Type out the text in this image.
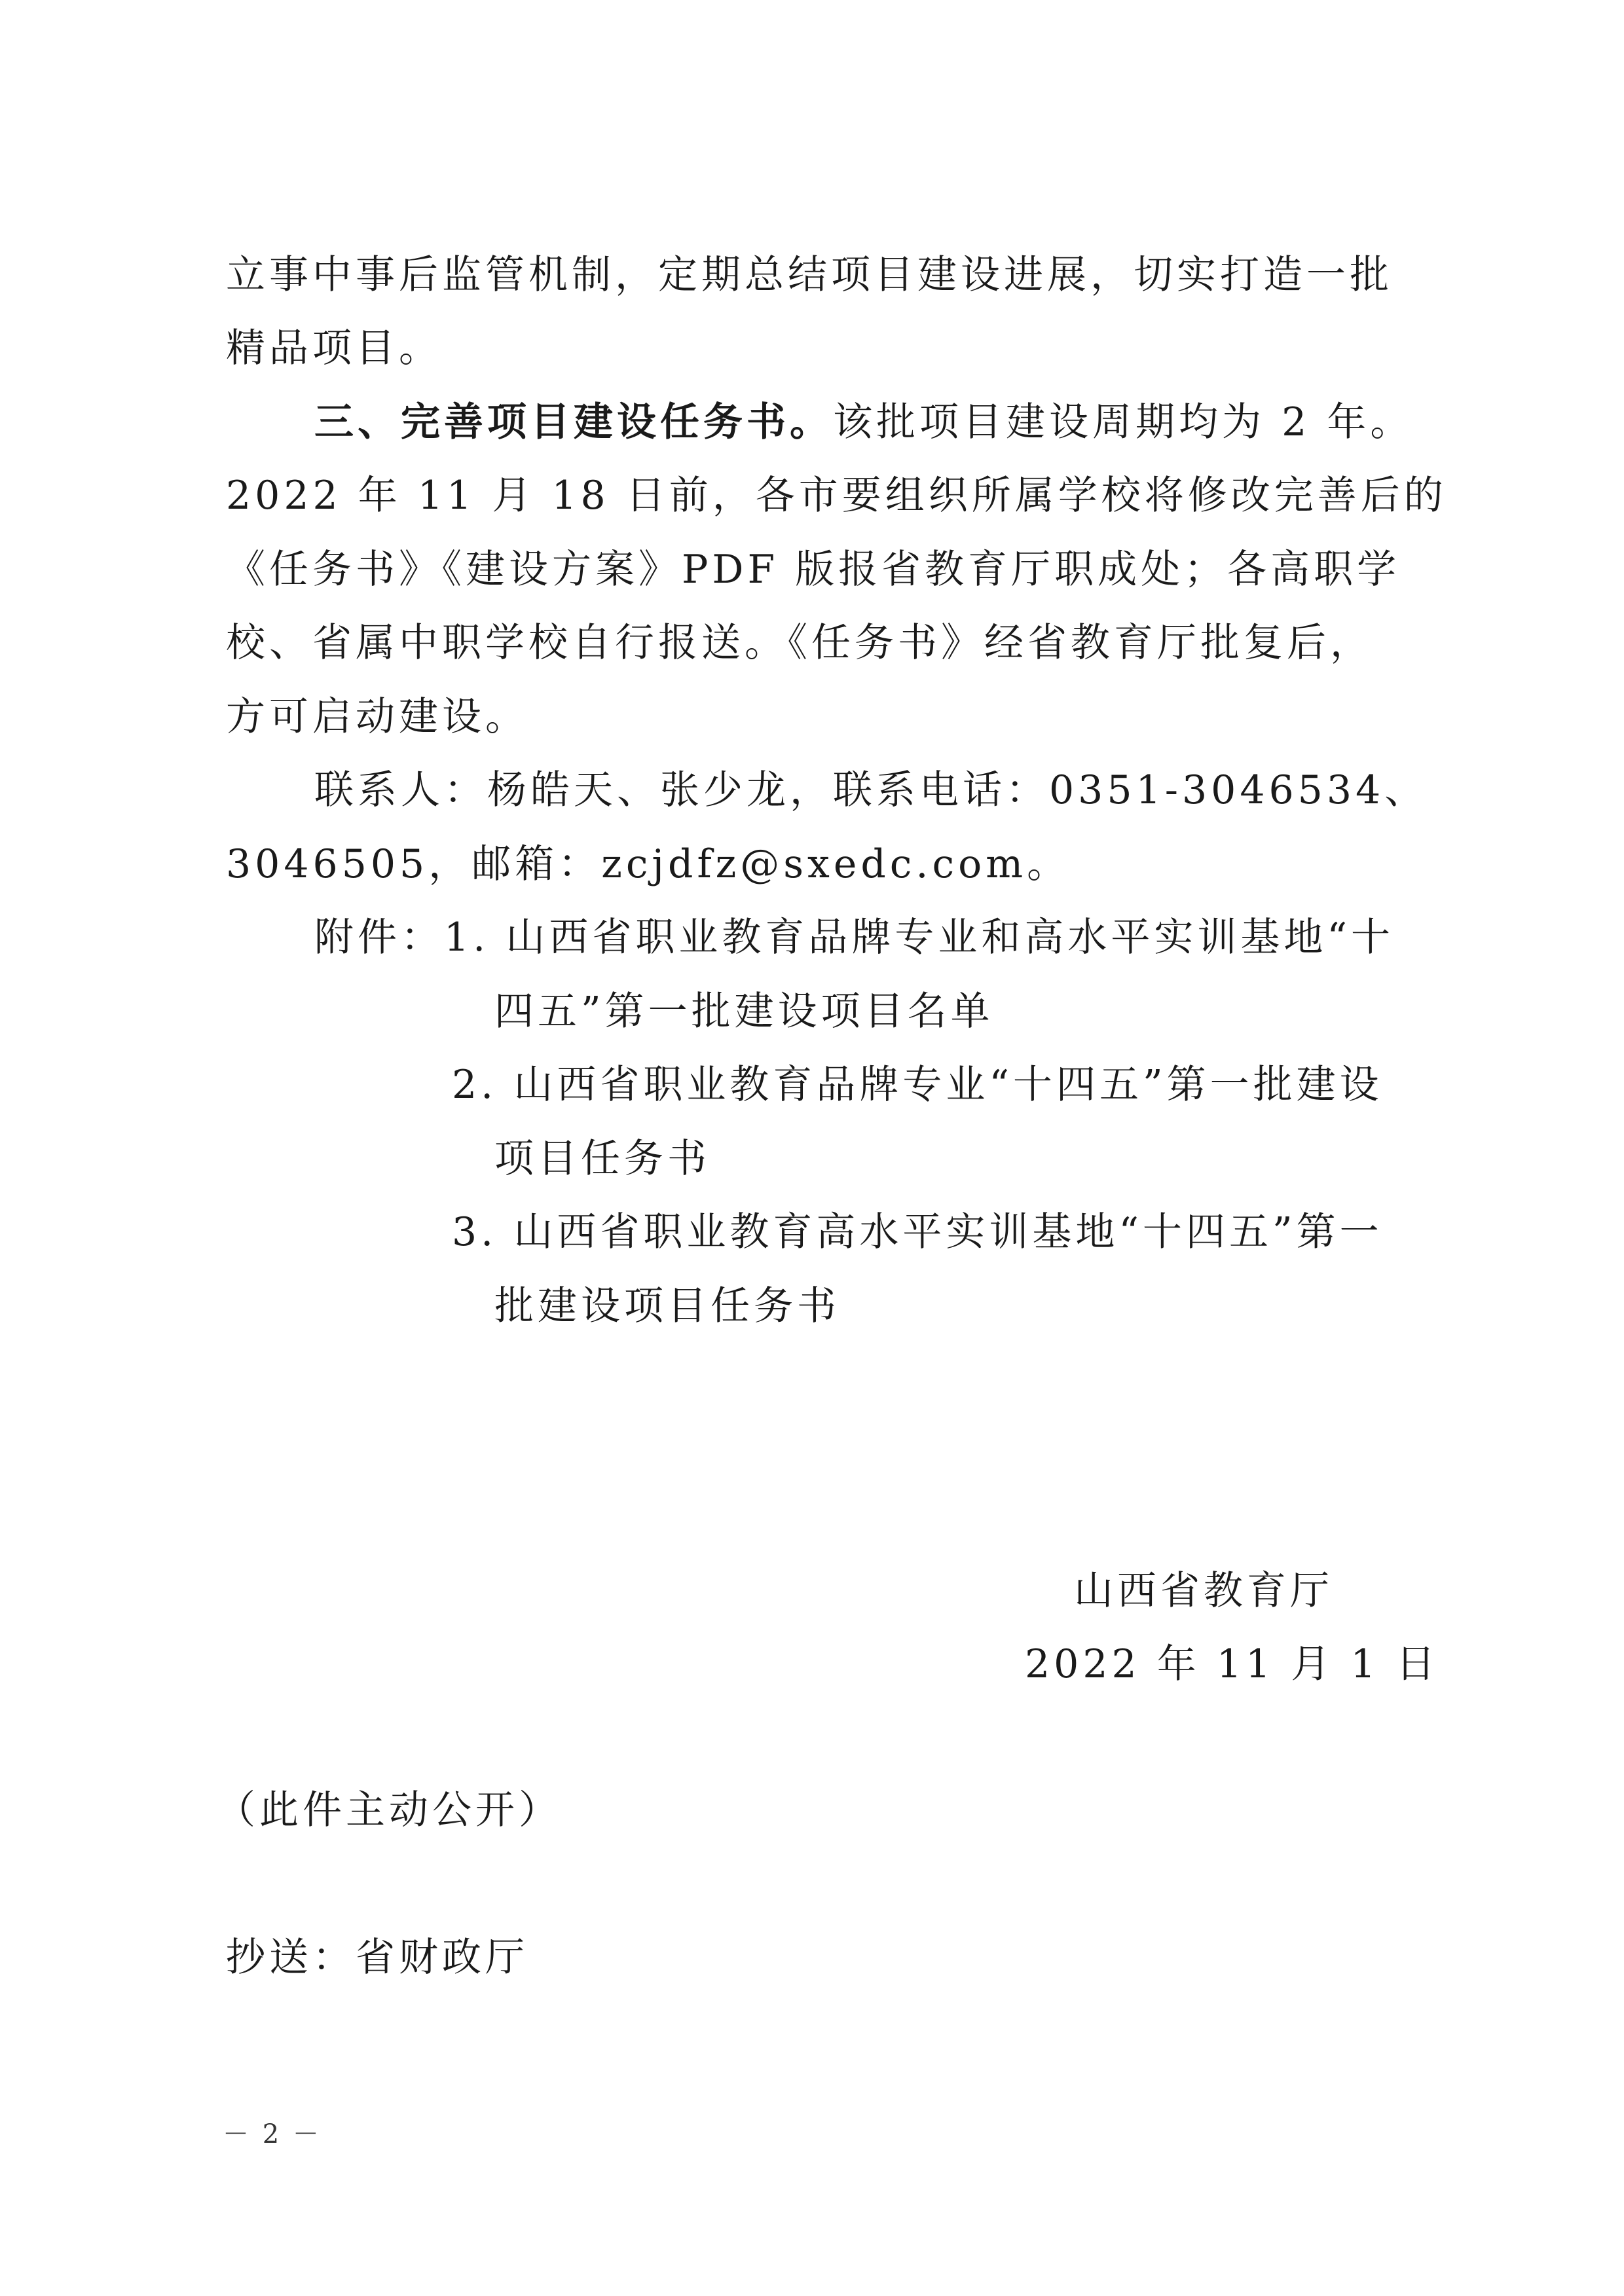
立事中事后监管机制，定期总结项目建设进展，切实打造一批
精品项目。
三、完善项目建设任务书。该批项目建设周期均为 2 年。
2022 年 11 月 18 日前，各市要组织所属学校将修改完善后的
《任务书》《建设方案》PDF 版报省教育厅职成处；各高职学
校、省属中职学校自行报送。《任务书》经省教育厅批复后，
方可启动建设。
联系人：杨皓天、张少龙，联系电话：0351-3046534、
3046505，邮箱：zcjdfz@sxedc.com。
附件：1. 山西省职业教育品牌专业和高水平实训基地“十
四五”第一批建设项目名单
2. 山西省职业教育品牌专业“十四五”第一批建设
项目任务书
3. 山西省职业教育高水平实训基地“十四五”第一
批建设项目任务书
山西省教育厅
2022 年 11 月 1 日
（此件主动公开）
抄送：省财政厅
－ 2 －
